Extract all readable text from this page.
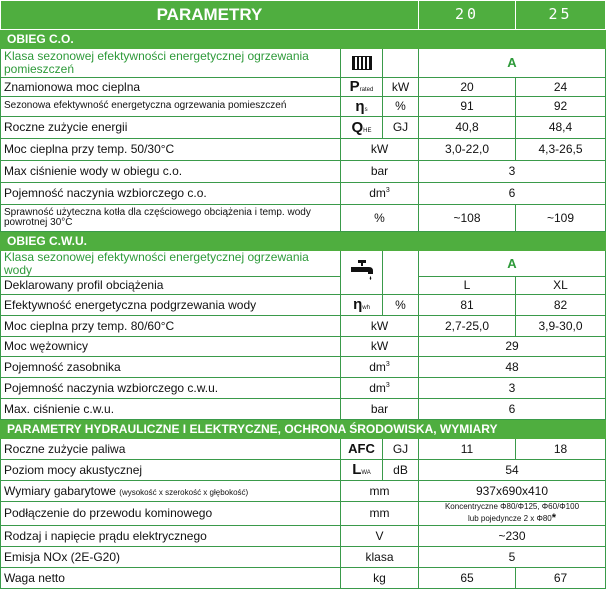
PARAMETRY			20	25
OBIEG C.O.				
Klasa sezonowej efektywności energetycznej ogrzewania pomieszczeń			A	
Znamionowa moc cieplna	Prated	kW	20	24
Sezonowa efektywność energetyczna ogrzewania pomieszczeń	ηs	%	91	92
Roczne zużycie energii	QHE	GJ	40,8	48,4
Moc cieplna przy temp. 50/30°C	kW		3,0-22,0	4,3-26,5
Max ciśnienie wody w obiegu c.o.	bar		3	
Pojemność naczynia wzbiorczego c.o.	$dm^3$		6	
Sprawność użyteczna kotła dla częściowego obciążenia i temp. wody powrotnej 30°C	%		~108	~109
OBIEG C.W.U.				
Klasa sezonowej efektywności energetycznej ogrzewania wody			A	
Deklarowany profil obciążenia			L	XL
Efektywność energetyczna podgrzewania wody	ηwh	%	81	82
Moc cieplna przy temp. 80/60°C	kW		2,7-25,0	3,9-30,0
Moc wężownicy	kW		29	
Pojemność zasobnika	$dm^3$		48	
Pojemność naczynia wzbiorczego c.w.u.	$dm^3$		3	
Max. ciśnienie c.w.u.	bar		6	
PARAMETRY HYDRAULICZNE I ELEKTRYCZNE, OCHRONA ŚRODOWISKA, WYMIARY				
Roczne zużycie paliwa	AFC	GJ	11	18
Poziom mocy akustycznej	LWA	dB	54	
Wymiary gabarytowe (wysokość x szerokość x głębokość)	mm		937x690x410	
Podłączenie do przewodu kominowego	mm		Koncentryczne Φ80/Φ125, Φ60/Φ100
lub pojedyncze 2 x Φ80*	

Rodzaj i napięcie prądu elektrycznego	V		~230	
Emisja NOx (2E-G20)	klasa		5	
Waga netto	kg		65	67
